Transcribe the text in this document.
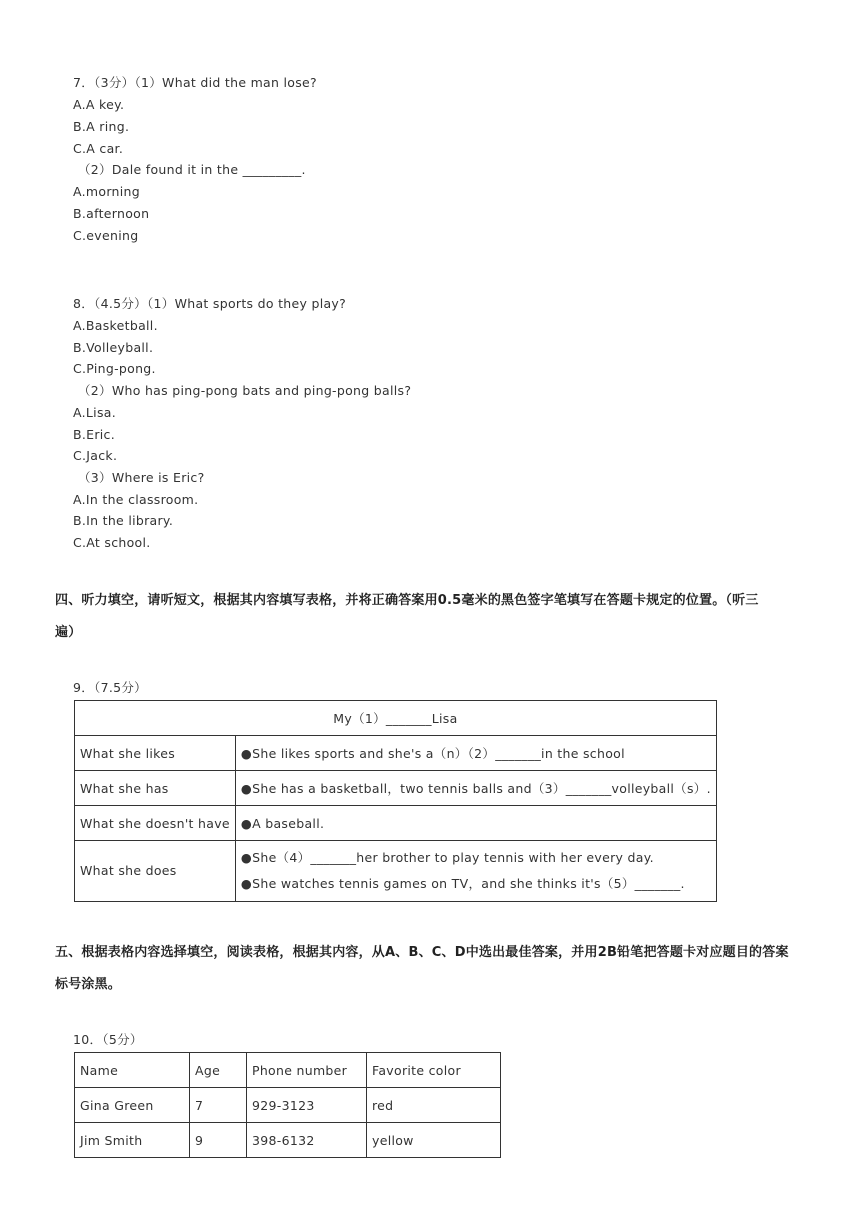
7．（3分）（1）What did the man lose?
A.A key.
B.A ring.
C.A car.
（2）Dale found it in the _________.
A.morning
B.afternoon
C.evening
8．（4.5分）（1）What sports do they play?
A.Basketball.
B.Volleyball.
C.Ping-pong.
（2）Who has ping-pong bats and ping-pong balls?
A.Lisa.
B.Eric.
C.Jack.
（3）Where is Eric?
A.In the classroom.
B.In the library.
C.At school.
四、听力填空，请听短文，根据其内容填写表格，并将正确答案用0.5毫米的黑色签字笔填写在答题卡规定的位置。（听三
遍）
9．（7.5分）
My（1）_______Lisa	
What she likes	●She likes sports and she's a（n）（2）_______in the school
What she has	●She has a basketball，two tennis balls and（3）_______volleyball（s）.
What she doesn't have	●A baseball.
What she does	●She（4）_______her brother to play tennis with her every day.
●She watches tennis games on TV，and she thinks it's（5）_______.
五、根据表格内容选择填空，阅读表格，根据其内容，从A、B、C、D中选出最佳答案，并用2B铅笔把答题卡对应题目的答案
标号涂黑。
10．（5分）
Name	Age	Phone number	Favorite color
Gina Green	7	929-3123	red
Jim Smith	9	398-6132	yellow
